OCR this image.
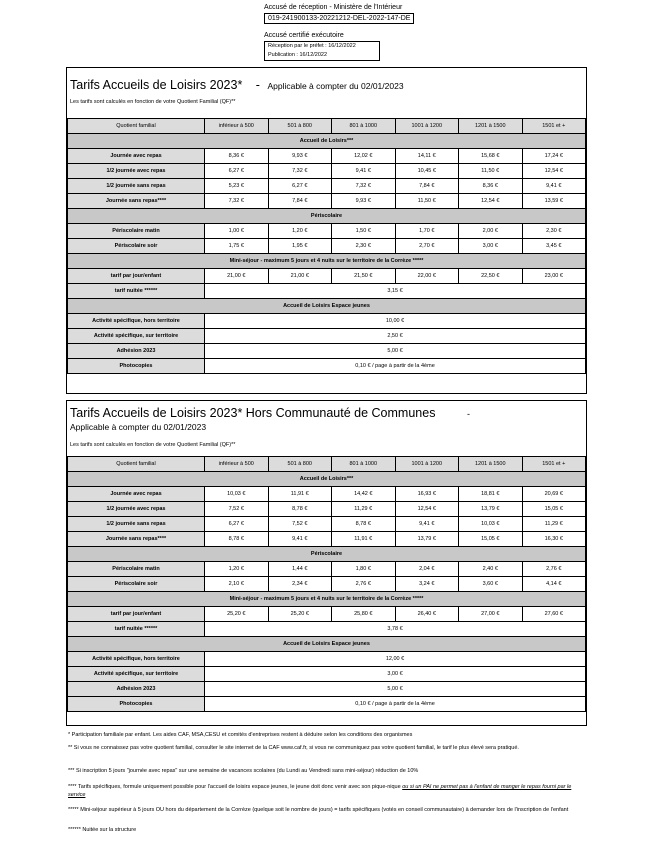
Accusé de réception - Ministère de l'Intérieur
019-241900133-20221212-DEL-2022-147-DE
Accusé certifié exécutoire
Réception par le préfet : 16/12/2022
Publication : 16/12/2022
Tarifs Accueils de Loisirs 2023* - Applicable à compter du 02/01/2023
Les tarifs sont calculés en fonction de votre Quotient Familial (QF)**
Quotient familial	inférieur à 500	501 à 800	801 à 1000	1001 à 1200	1201 à 1500	1501 et +
Accueil de Loisirs***						
Journée avec repas	8,36 €	9,93 €	12,02 €	14,11 €	15,68 €	17,24 €
1/2 journée avec repas	6,27 €	7,32 €	9,41 €	10,45 €	11,50 €	12,54 €
1/2 journée sans repas	5,23 €	6,27 €	7,32 €	7,84 €	8,36 €	9,41 €
Journée sans repas****	7,32 €	7,84 €	9,93 €	11,50 €	12,54 €	13,59 €
Périscolaire						
Périscolaire matin	1,00 €	1,20 €	1,50 €	1,70 €	2,00 €	2,30 €
Périscolaire soir	1,75 €	1,95 €	2,30 €	2,70 €	3,00 €	3,45 €
Mini-séjour - maximum 5 jours et 4 nuits sur le territoire de la Corrèze *****						
tarif par jour/enfant	21,00 €	21,00 €	21,50 €	22,00 €	22,50 €	23,00 €
tarif nuitée ******	3,15 €					
Accueil de Loisirs Espace jeunes						
Activité spécifique, hors territoire	10,00 €					
Activité spécifique, sur territoire	2,50 €					
Adhésion 2023	5,00 €					
Photocopies	0,10 € / page à partir de la 4ème					
Tarifs Accueils de Loisirs 2023* Hors Communauté de Communes	-
Applicable à compter du 02/01/2023
Les tarifs sont calculés en fonction de votre Quotient Familial (QF)**
Quotient familial	inférieur à 500	501 à 800	801 à 1000	1001 à 1200	1201 à 1500	1501 et +
Accueil de Loisirs***						
Journée avec repas	10,03 €	11,91 €	14,42 €	16,93 €	18,81 €	20,69 €
1/2 journée avec repas	7,52 €	8,78 €	11,29 €	12,54 €	13,79 €	15,05 €
1/2 journée sans repas	6,27 €	7,52 €	8,78 €	9,41 €	10,03 €	11,29 €
Journée sans repas****	8,78 €	9,41 €	11,91 €	13,79 €	15,05 €	16,30 €
Périscolaire						
Périscolaire matin	1,20 €	1,44 €	1,80 €	2,04 €	2,40 €	2,76 €
Périscolaire soir	2,10 €	2,34 €	2,76 €	3,24 €	3,60 €	4,14 €
Mini-séjour - maximum 5 jours et 4 nuits sur le territoire de la Corrèze *****						
tarif par jour/enfant	25,20 €	25,20 €	25,80 €	26,40 €	27,00 €	27,60 €
tarif nuitée ******	3,78 €					
Accueil de Loisirs Espace jeunes						
Activité spécifique, hors territoire	12,00 €					
Activité spécifique, sur territoire	3,00 €					
Adhésion 2023	5,00 €					
Photocopies	0,10 € / page à partir de la 4ème					
* Participation familiale par enfant. Les aides CAF, MSA,CESU et comités d'entreprises restent à déduire selon les conditions des organismes
** Si vous ne connaissez pas votre quotient familial, consulter le site internet de la CAF www.caf.fr, si vous ne communiquez pas votre quotient familial, le tarif le plus élevé sera pratiqué.
*** Si inscription 5 jours "journée avec repas" sur une semaine de vacances scolaires (du Lundi au Vendredi sans mini-séjour) réduction de 10%
**** Tarifs spécifiques, formule uniquement possible pour l'accueil de loisirs espace jeunes, le jeune doit donc venir avec son pique-nique ou si un PAI ne permet pas à l'enfant de manger le repas fourni par le service
***** Mini-séjour supérieur à 5 jours OU hors du département de la Corrèze (quelque soit le nombre de jours) = tarifs spécifiques (votés en conseil communautaire) à demander lors de l'inscription de l'enfant
****** Nuitée sur la structure
